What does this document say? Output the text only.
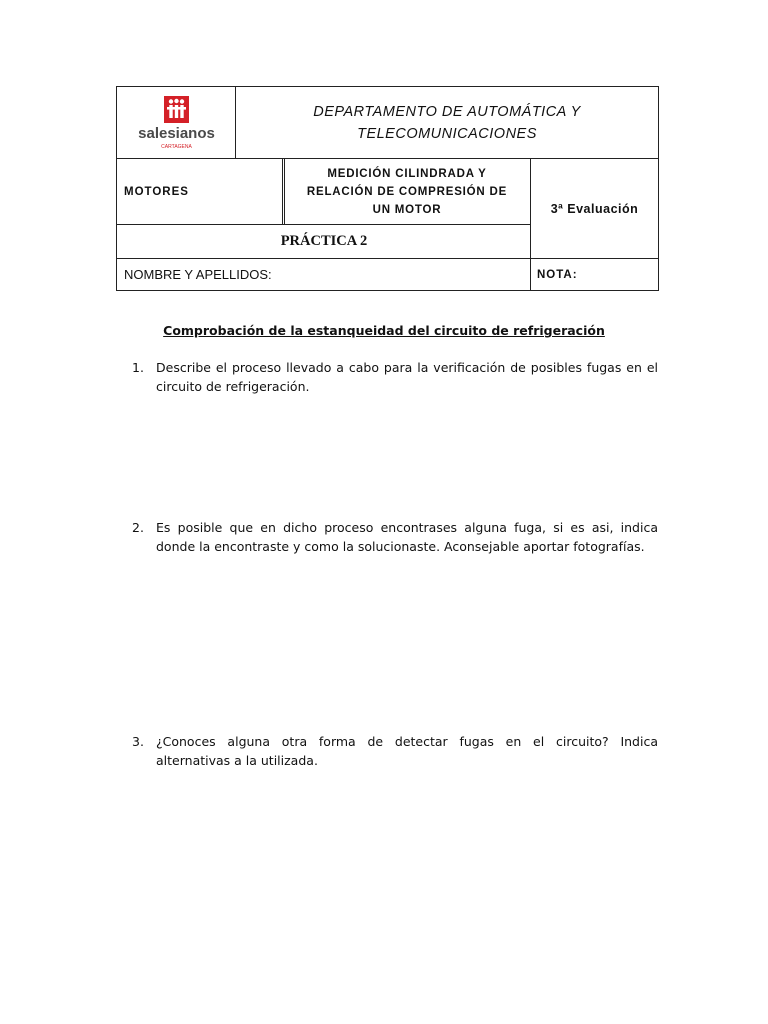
salesianos
CARTAGENA
DEPARTAMENTO DE AUTOMÁTICA Y
TELECOMUNICACIONES
MOTORES
MEDICIÓN CILINDRADA Y
RELACIÓN DE COMPRESIÓN DE
UN MOTOR	3ª Evaluación
PRÁCTICA 2
NOMBRE Y APELLIDOS:	NOTA:
Comprobación de la estanqueidad del circuito de refrigeración
1. Describe el proceso llevado a cabo para la verificación de posibles fugas en el circuito de refrigeración.
2. Es posible que en dicho proceso encontrases alguna fuga, si es asi, indica donde la encontraste y como la solucionaste. Aconsejable aportar fotografías.
3. ¿Conoces alguna otra forma de detectar fugas en el circuito? Indica alternativas a la utilizada.
